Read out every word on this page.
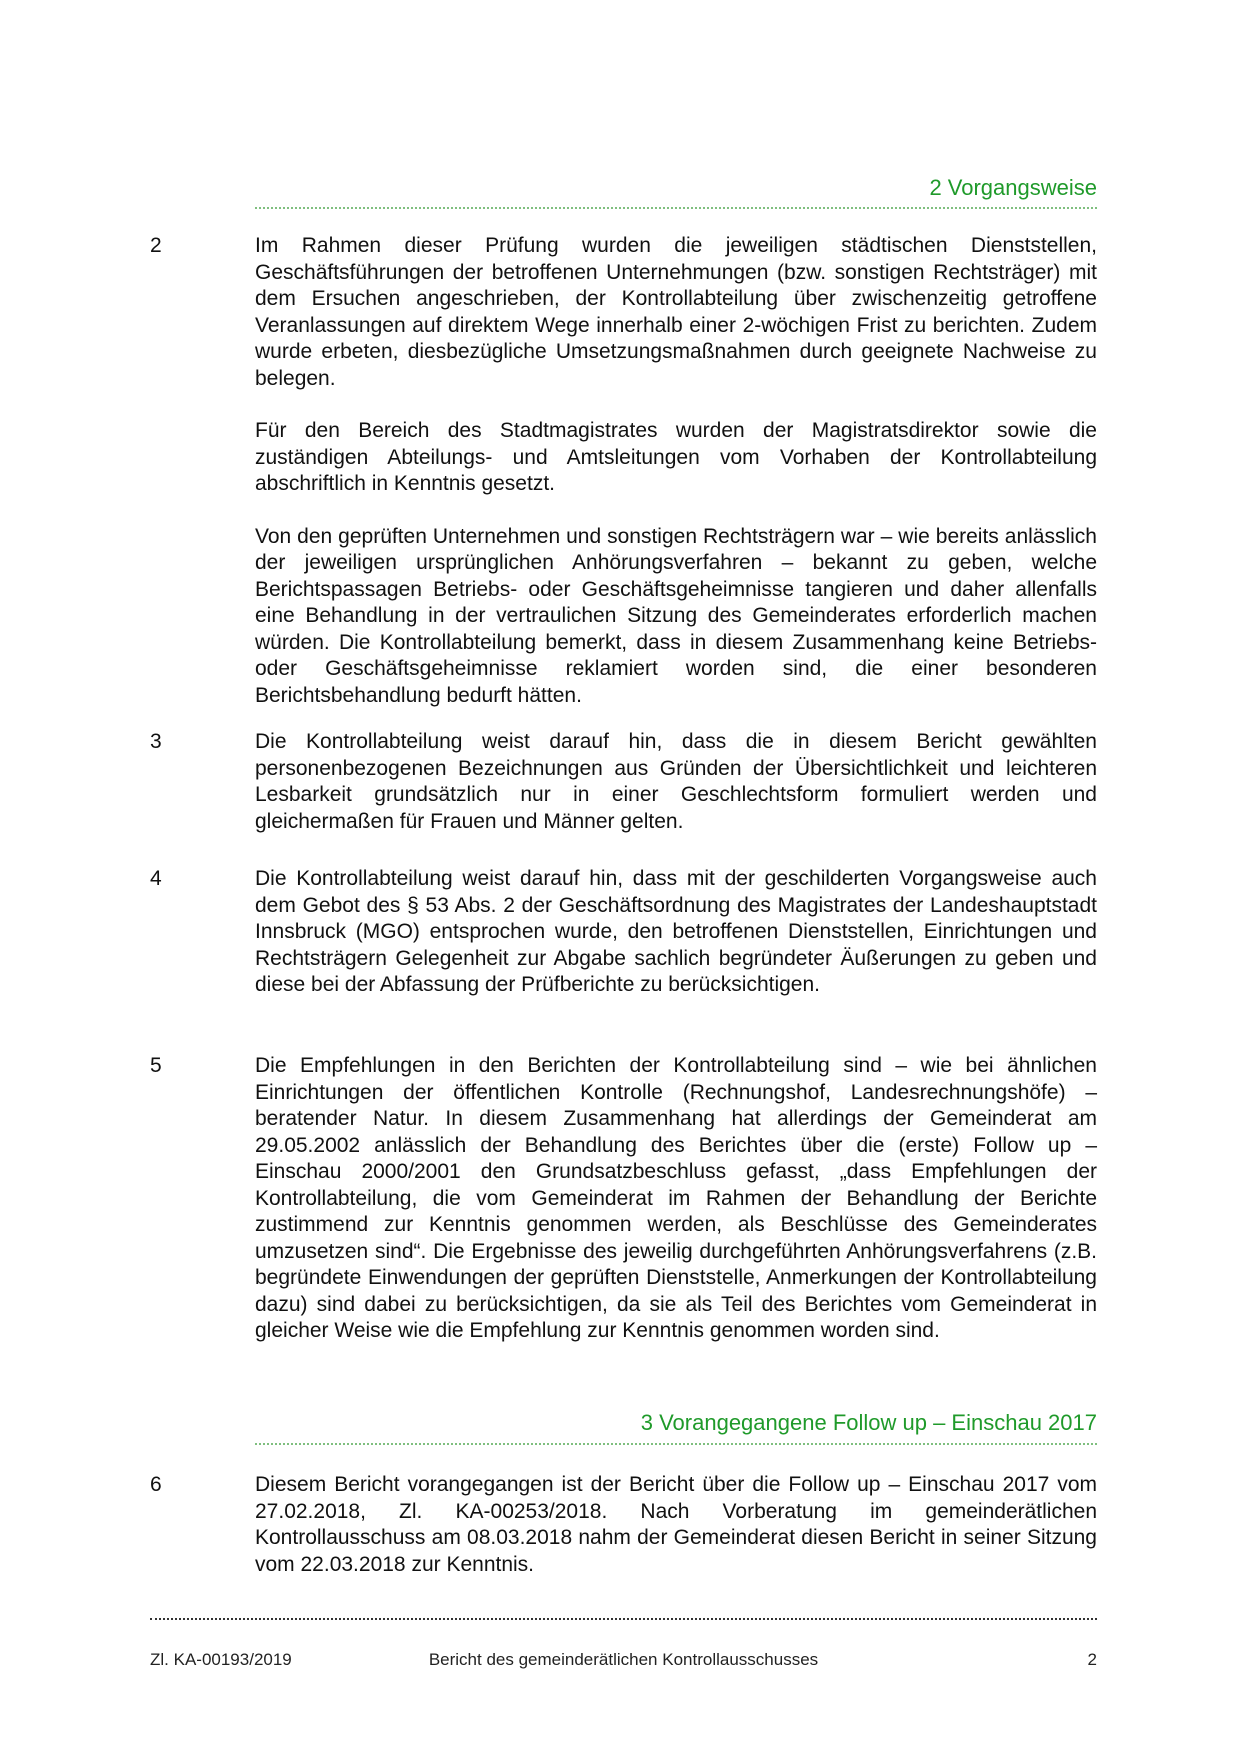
2 Vorgangsweise
2	Im Rahmen dieser Prüfung wurden die jeweiligen städtischen Dienststellen, Geschäftsführungen der betroffenen Unternehmungen (bzw. sonstigen Rechtsträger) mit dem Ersuchen angeschrieben, der Kontrollabteilung über zwischenzeitig getroffene Veranlassungen auf direktem Wege innerhalb einer 2-wöchigen Frist zu berichten. Zudem wurde erbeten, diesbezügliche Umsetzungsmaßnahmen durch geeignete Nachweise zu belegen.

Für den Bereich des Stadtmagistrates wurden der Magistratsdirektor sowie die zuständigen Abteilungs- und Amtsleitungen vom Vorhaben der Kontrollabteilung abschriftlich in Kenntnis gesetzt.

Von den geprüften Unternehmen und sonstigen Rechtsträgern war – wie bereits anlässlich der jeweiligen ursprünglichen Anhörungsverfahren – bekannt zu geben, welche Berichtspassagen Betriebs- oder Geschäftsgeheimnisse tangieren und daher allenfalls eine Behandlung in der vertraulichen Sitzung des Gemeinderates erforderlich machen würden. Die Kontrollabteilung bemerkt, dass in diesem Zusammenhang keine Betriebs- oder Geschäftsgeheimnisse reklamiert worden sind, die einer besonderen Berichtsbehandlung bedurft hätten.

3	Die Kontrollabteilung weist darauf hin, dass die in diesem Bericht gewählten personenbezogenen Bezeichnungen aus Gründen der Übersichtlichkeit und leichteren Lesbarkeit grundsätzlich nur in einer Geschlechtsform formuliert werden und gleichermaßen für Frauen und Männer gelten.

4	Die Kontrollabteilung weist darauf hin, dass mit der geschilderten Vorgangsweise auch dem Gebot des § 53 Abs. 2 der Geschäftsordnung des Magistrates der Landeshauptstadt Innsbruck (MGO) entsprochen wurde, den betroffenen Dienststellen, Einrichtungen und Rechtsträgern Gelegenheit zur Abgabe sachlich begründeter Äußerungen zu geben und diese bei der Abfassung der Prüfberichte zu berücksichtigen.

5	Die Empfehlungen in den Berichten der Kontrollabteilung sind – wie bei ähnlichen Einrichtungen der öffentlichen Kontrolle (Rechnungshof, Landesrechnungshöfe) – beratender Natur. In diesem Zusammenhang hat allerdings der Gemeinderat am 29.05.2002 anlässlich der Behandlung des Berichtes über die (erste) Follow up – Einschau 2000/2001 den Grundsatzbeschluss gefasst, „dass Empfehlungen der Kontrollabteilung, die vom Gemeinderat im Rahmen der Behandlung der Berichte zustimmend zur Kenntnis genommen werden, als Beschlüsse des Gemeinderates umzusetzen sind“. Die Ergebnisse des jeweilig durchgeführten Anhörungsverfahrens (z.B. begründete Einwendungen der geprüften Dienststelle, Anmerkungen der Kontrollabteilung dazu) sind dabei zu berücksichtigen, da sie als Teil des Berichtes vom Gemeinderat in gleicher Weise wie die Empfehlung zur Kenntnis genommen worden sind.

3 Vorangegangene Follow up – Einschau 2017
6	Diesem Bericht vorangegangen ist der Bericht über die Follow up – Einschau 2017 vom 27.02.2018, Zl. KA-00253/2018. Nach Vorberatung im gemeinderätlichen Kontrollausschuss am 08.03.2018 nahm der Gemeinderat diesen Bericht in seiner Sitzung vom 22.03.2018 zur Kenntnis.

Zl. KA-00193/2019	Bericht des gemeinderätlichen Kontrollausschusses	2
